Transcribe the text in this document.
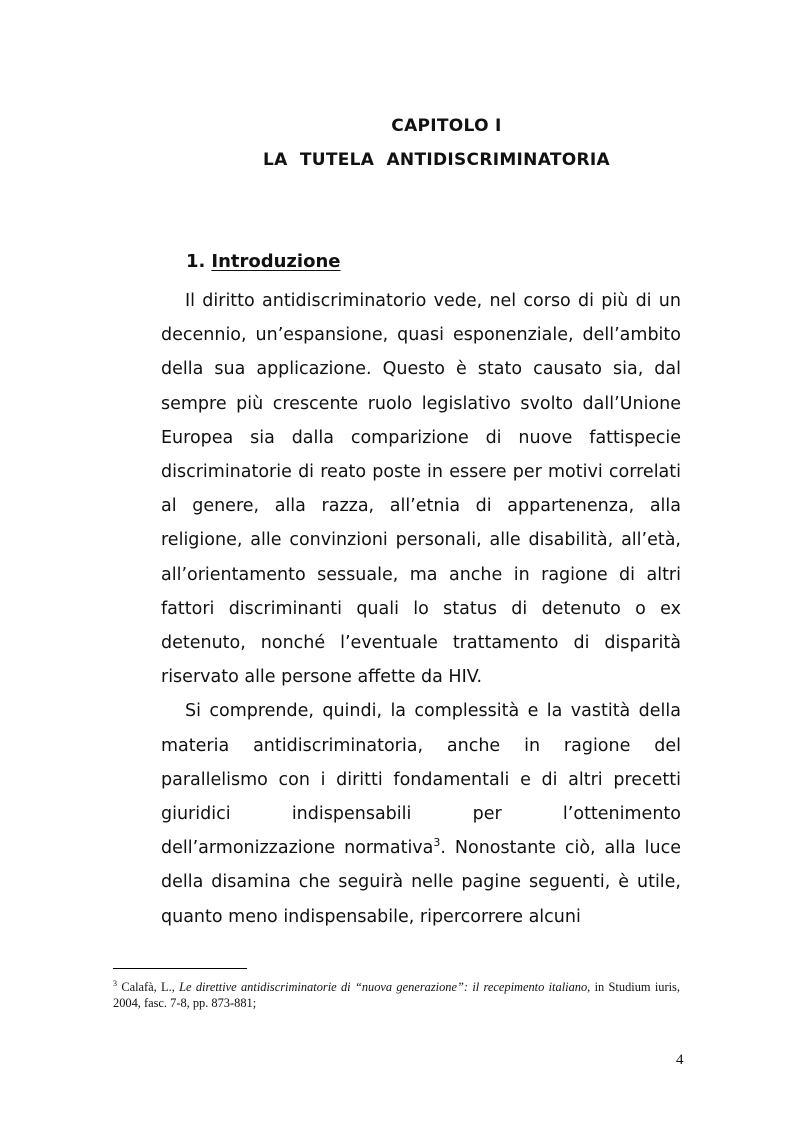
CAPITOLO I
LA TUTELA ANTIDISCRIMINATORIA
1. Introduzione

Il diritto antidiscriminatorio vede, nel corso di più di un decennio, un’espansione, quasi esponenziale, dell’ambito della sua applicazione. Questo è stato causato sia, dal sempre più crescente ruolo legislativo svolto dall’Unione Europea sia dalla comparizione di nuove fattispecie discriminatorie di reato poste in essere per motivi correlati al genere, alla razza, all’etnia di appartenenza, alla religione, alle convinzioni personali, alle disabilità, all’età, all’orientamento sessuale, ma anche in ragione di altri fattori discriminanti quali lo status di detenuto o ex detenuto, nonché l’eventuale trattamento di disparità riservato alle persone affette da HIV.

Si comprende, quindi, la complessità e la vastità della materia antidiscriminatoria, anche in ragione del parallelismo con i diritti fondamentali e di altri precetti giuridici indispensabili per l’ottenimento dell’armonizzazione normativa$^3$. Nonostante ciò, alla luce della disamina che seguirà nelle pagine seguenti, è utile, quanto meno indispensabile, ripercorrere alcuni

$^3$ Calafà, L., Le direttive antidiscriminatorie di “nuova generazione”: il recepimento italiano, in Studium iuris, 2004, fasc. 7-8, pp. 873-881;
4
